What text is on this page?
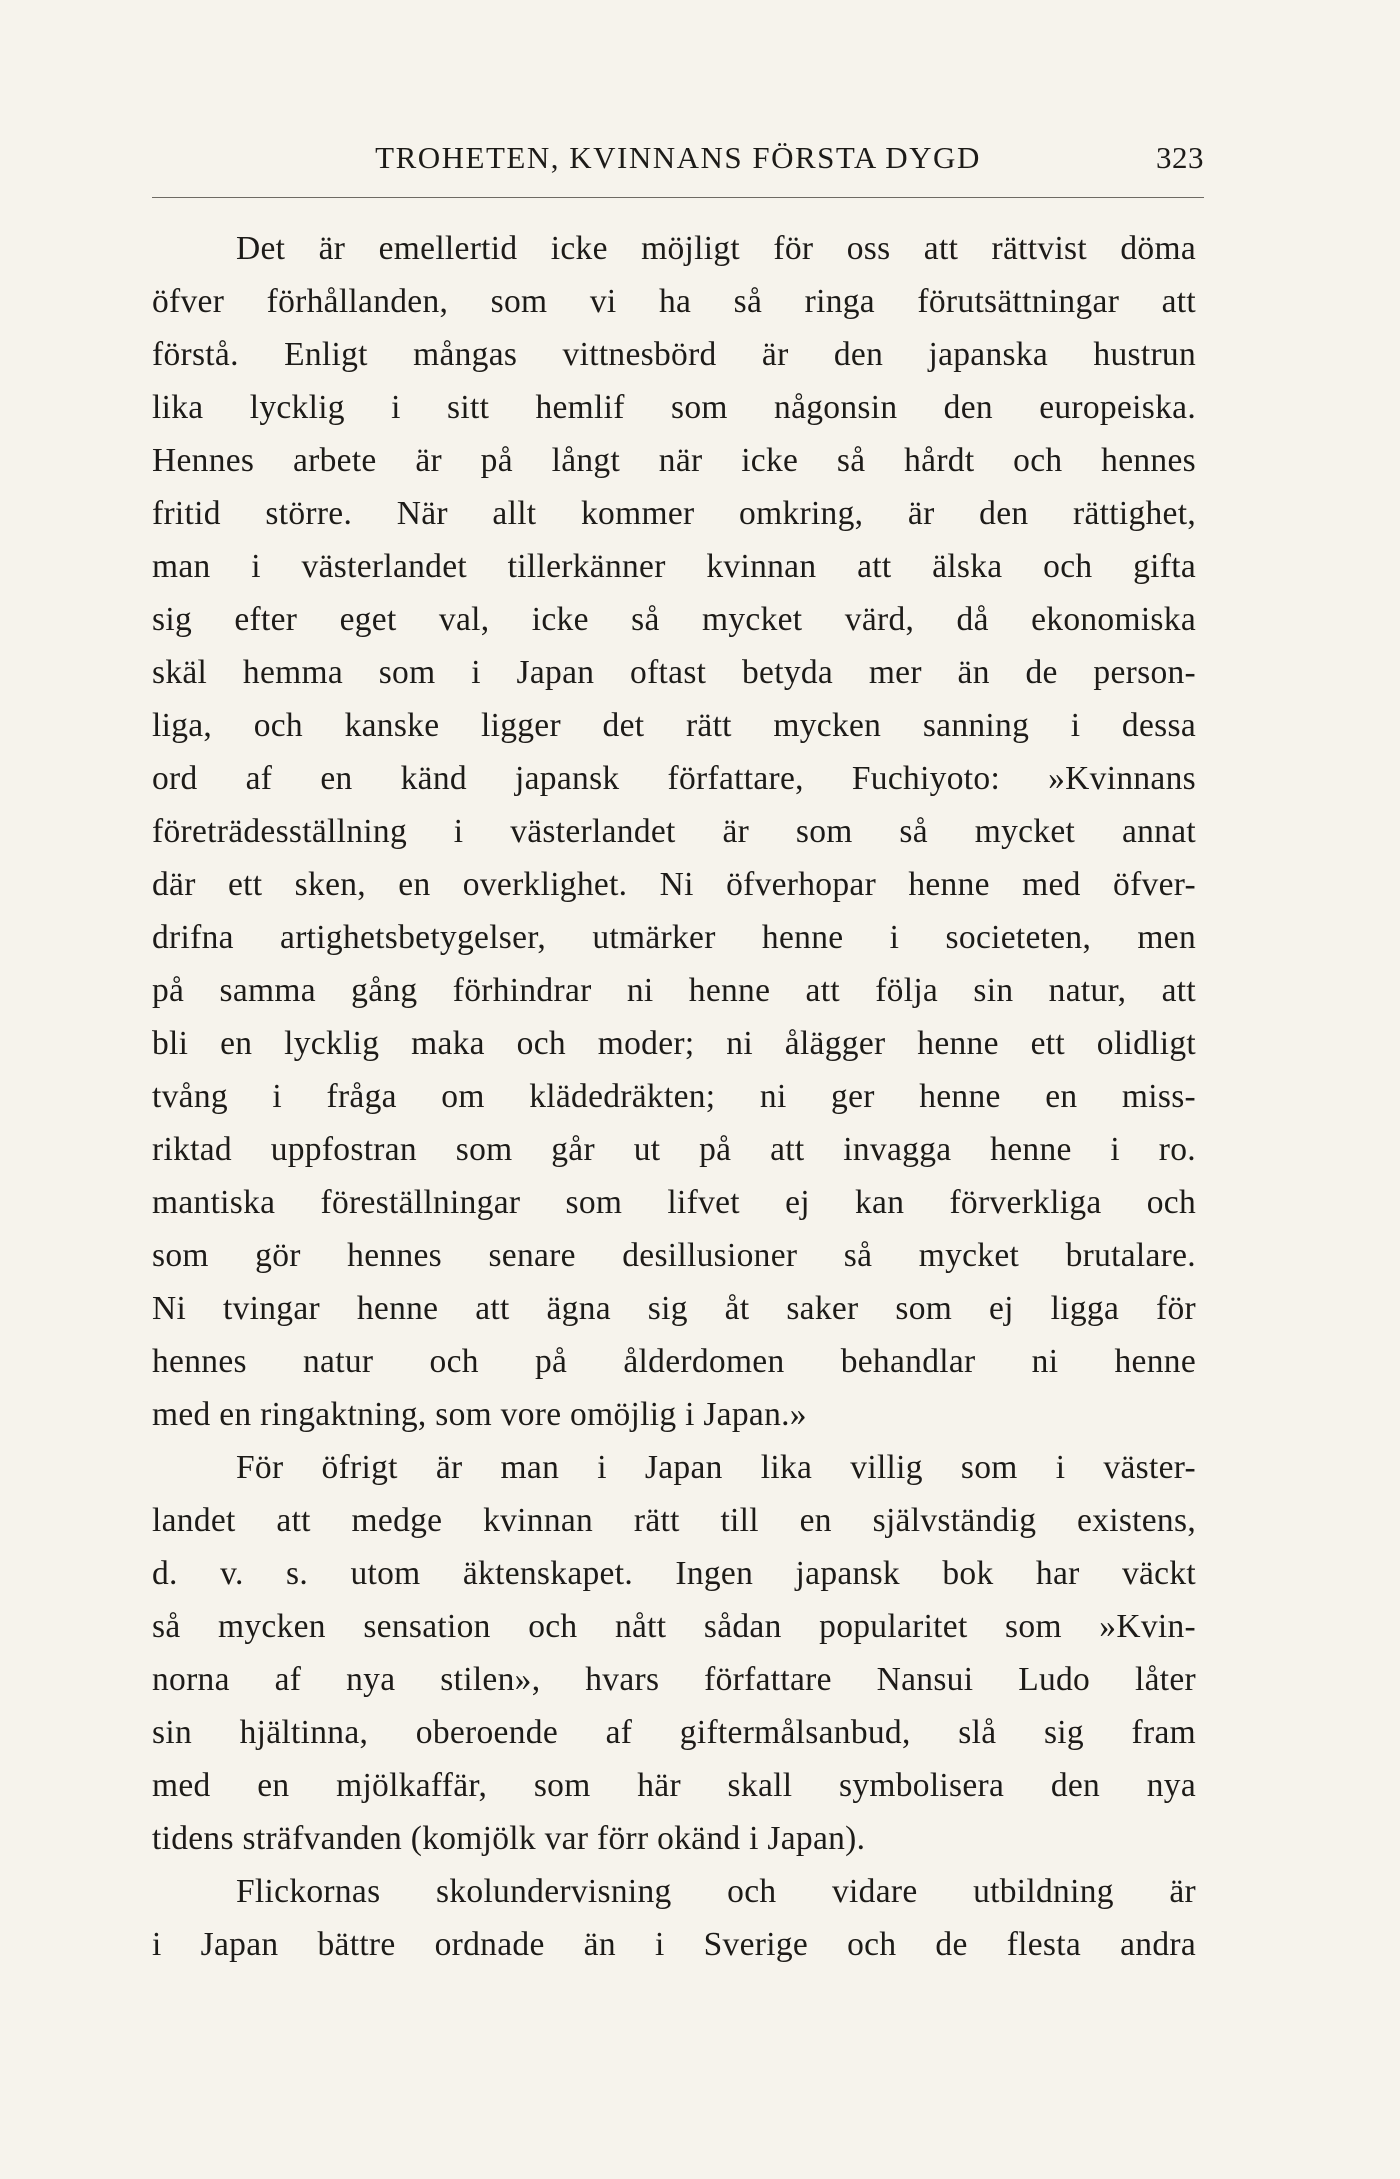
TROHETEN, KVINNANS FÖRSTA DYGD	323
Det är emellertid icke möjligt för oss att rättvist döma
öfver förhållanden, som vi ha så ringa förutsättningar att
förstå. Enligt mångas vittnesbörd är den japanska hustrun
lika lycklig i sitt hemlif som någonsin den europeiska.
Hennes arbete är på långt när icke så hårdt och hennes
fritid större. När allt kommer omkring, är den rättighet,
man i västerlandet tillerkänner kvinnan att älska och gifta
sig efter eget val, icke så mycket värd, då ekonomiska
skäl hemma som i Japan oftast betyda mer än de person-
liga, och kanske ligger det rätt mycken sanning i dessa
ord af en känd japansk författare, Fuchiyoto: »Kvinnans
företrädesställning i västerlandet är som så mycket annat
där ett sken, en overklighet. Ni öfverhopar henne med öfver-
drifna artighetsbetygelser, utmärker henne i societeten, men
på samma gång förhindrar ni henne att följa sin natur, att
bli en lycklig maka och moder; ni ålägger henne ett olidligt
tvång i fråga om klädedräkten; ni ger henne en miss-
riktad uppfostran som går ut på att invagga henne i ro.
mantiska föreställningar som lifvet ej kan förverkliga och
som gör hennes senare desillusioner så mycket brutalare.
Ni tvingar henne att ägna sig åt saker som ej ligga för
hennes natur och på ålderdomen behandlar ni henne
med en ringaktning, som vore omöjlig i Japan.»
För öfrigt är man i Japan lika villig som i väster-
landet att medge kvinnan rätt till en självständig existens,
d. v. s. utom äktenskapet. Ingen japansk bok har väckt
så mycken sensation och nått sådan popularitet som »Kvin-
norna af nya stilen», hvars författare Nansui Ludo låter
sin hjältinna, oberoende af giftermålsanbud, slå sig fram
med en mjölkaffär, som här skall symbolisera den nya
tidens sträfvanden (komjölk var förr okänd i Japan).
Flickornas skolundervisning och vidare utbildning är
i Japan bättre ordnade än i Sverige och de flesta andra
